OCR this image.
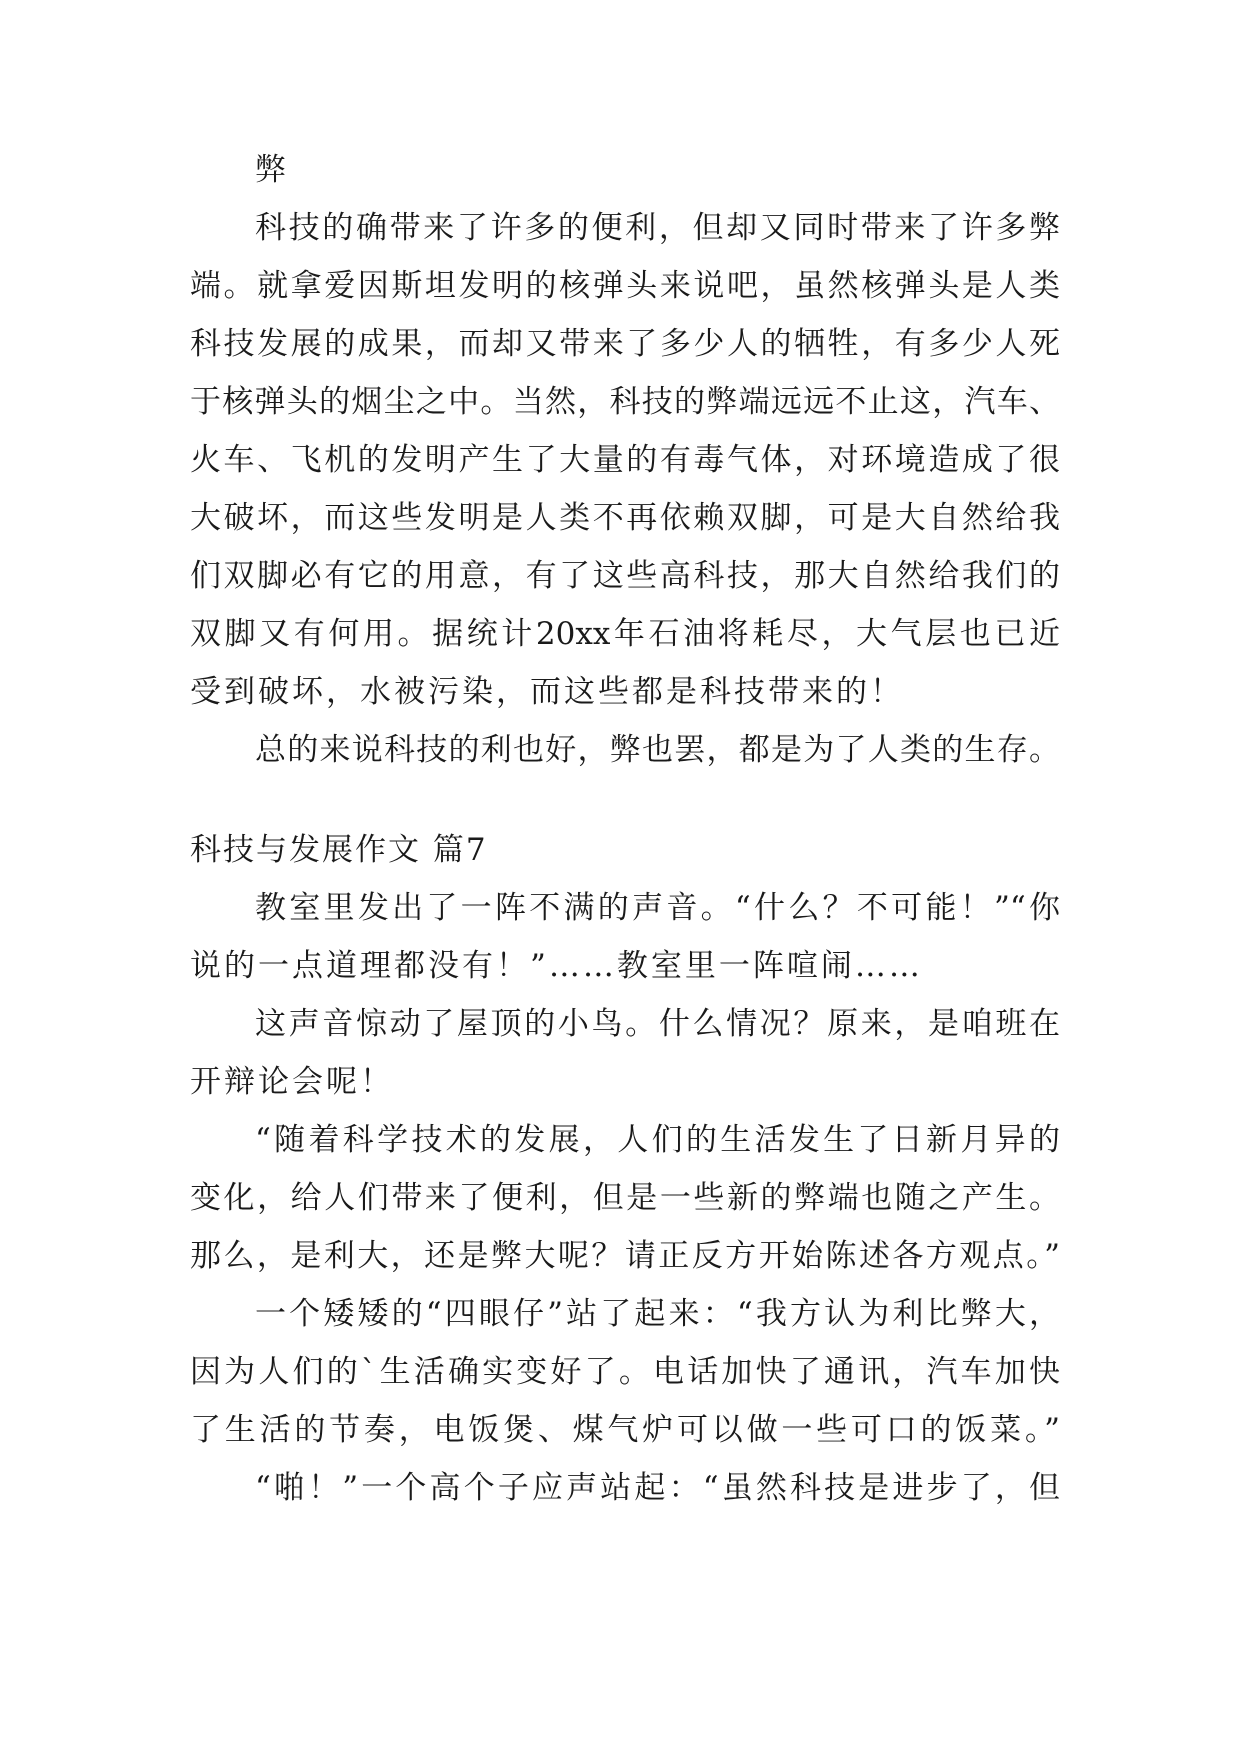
弊
科技的确带来了许多的便利，但却又同时带来了许多弊
端。就拿爱因斯坦发明的核弹头来说吧，虽然核弹头是人类
科技发展的成果，而却又带来了多少人的牺牲，有多少人死
于核弹头的烟尘之中。当然，科技的弊端远远不止这，汽车、
火车、飞机的发明产生了大量的有毒气体，对环境造成了很
大破坏，而这些发明是人类不再依赖双脚，可是大自然给我
们双脚必有它的用意，有了这些高科技，那大自然给我们的
双脚又有何用。据统计20xx年石油将耗尽，大气层也已近
受到破坏，水被污染，而这些都是科技带来的！
总的来说科技的利也好，弊也罢，都是为了人类的生存。
科技与发展作文 篇7
教室里发出了一阵不满的声音。“什么？不可能！”“你
说的一点道理都没有！”……教室里一阵喧闹……
这声音惊动了屋顶的小鸟。什么情况？原来，是咱班在
开辩论会呢！
“随着科学技术的发展，人们的生活发生了日新月异的
变化，给人们带来了便利，但是一些新的弊端也随之产生。
那么，是利大，还是弊大呢？请正反方开始陈述各方观点。”
一个矮矮的“四眼仔”站了起来：“我方认为利比弊大，
因为人们的`生活确实变好了。电话加快了通讯，汽车加快
了生活的节奏，电饭煲、煤气炉可以做一些可口的饭菜。”
“啪！”一个高个子应声站起：“虽然科技是进步了，但
